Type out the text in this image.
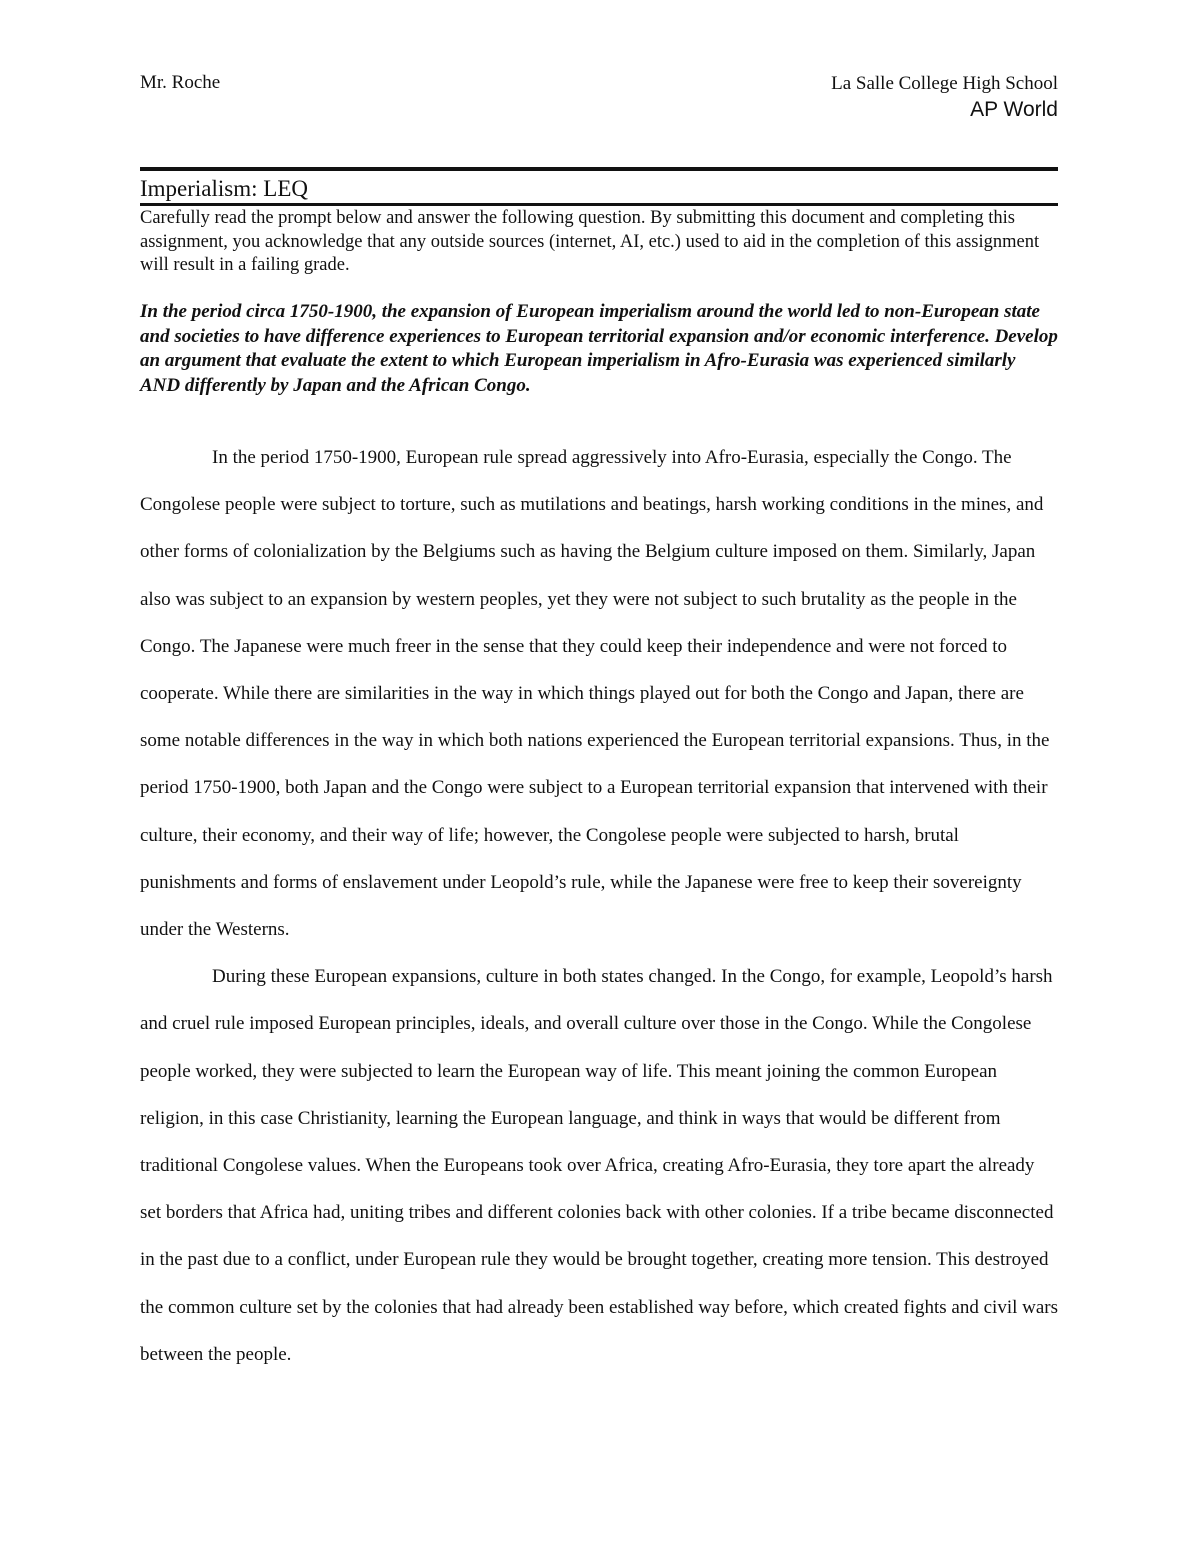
Mr. Roche	La Salle College High School
AP World
Imperialism: LEQ
Carefully read the prompt below and answer the following question. By submitting this document and completing this assignment, you acknowledge that any outside sources (internet, AI, etc.) used to aid in the completion of this assignment will result in a failing grade.
In the period circa 1750-1900, the expansion of European imperialism around the world led to non-European state and societies to have difference experiences to European territorial expansion and/or economic interference. Develop an argument that evaluate the extent to which European imperialism in Afro-Eurasia was experienced similarly AND differently by Japan and the African Congo.

In the period 1750-1900, European rule spread aggressively into Afro-Eurasia, especially the Congo. The Congolese people were subject to torture, such as mutilations and beatings, harsh working conditions in the mines, and other forms of colonialization by the Belgiums such as having the Belgium culture imposed on them. Similarly, Japan also was subject to an expansion by western peoples, yet they were not subject to such brutality as the people in the Congo. The Japanese were much freer in the sense that they could keep their independence and were not forced to cooperate. While there are similarities in the way in which things played out for both the Congo and Japan, there are some notable differences in the way in which both nations experienced the European territorial expansions. Thus, in the period 1750-1900, both Japan and the Congo were subject to a European territorial expansion that intervened with their culture, their economy, and their way of life; however, the Congolese people were subjected to harsh, brutal punishments and forms of enslavement under Leopold’s rule, while the Japanese were free to keep their sovereignty under the Westerns.

During these European expansions, culture in both states changed. In the Congo, for example, Leopold’s harsh and cruel rule imposed European principles, ideals, and overall culture over those in the Congo. While the Congolese people worked, they were subjected to learn the European way of life. This meant joining the common European religion, in this case Christianity, learning the European language, and think in ways that would be different from traditional Congolese values. When the Europeans took over Africa, creating Afro-Eurasia, they tore apart the already set borders that Africa had, uniting tribes and different colonies back with other colonies. If a tribe became disconnected in the past due to a conflict, under European rule they would be brought together, creating more tension. This destroyed the common culture set by the colonies that had already been established way before, which created fights and civil wars between the people.
